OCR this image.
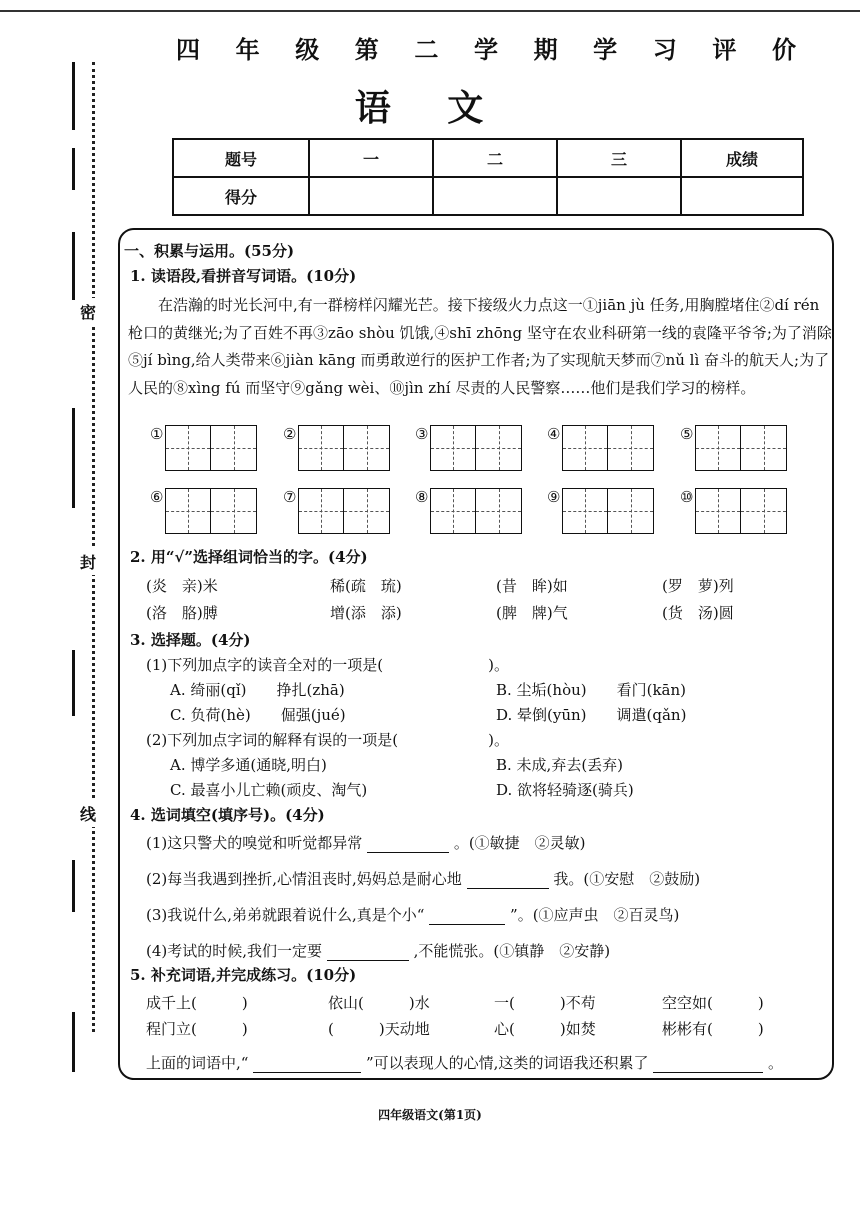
密
封
线
四 年 级 第 二 学 期 学 习 评 价
语 文
题号	一	二	三	成绩
得分				
一、积累与运用。(55分)
1. 读语段,看拼音写词语。(10分)
在浩瀚的时光长河中,有一群榜样闪耀光芒。接下接级火力点这一①jiān jù 任务,用胸膛堵住②dí rén 枪口的黄继光;为了百姓不再③zāo shòu 饥饿,④shī zhōng 坚守在农业科研第一线的袁隆平爷爷;为了消除⑤jí bìng,给人类带来⑥jiàn kāng 而勇敢逆行的医护工作者;为了实现航天梦而⑦nǔ lì 奋斗的航天人;为了人民的⑧xìng fú 而坚守⑨gǎng wèi、⑩jìn zhí 尽责的人民警察……他们是我们学习的榜样。
①	②	③	④	⑤
⑥	⑦	⑧	⑨	⑩
2. 用“√”选择组词恰当的字。(4分)
(炎　亲)米	稀(疏　琉)	(昔　眸)如	(罗　萝)列
(洛　胳)膊	增(添　添)	(脾　牌)气	(货　汤)圆
3. 选择题。(4分)
(1)下列加点字的读音全对的一项是(　　　　　　　)。
A. 绮丽(qǐ)　　挣扎(zhā)	B. 尘垢(hòu)　　看门(kān)
C. 负荷(hè)　　倔强(jué)	D. 晕倒(yūn)　　调遣(qǎn)
(2)下列加点字词的解释有误的一项是(　　　　　　)。
A. 博学多通(通晓,明白)	B. 未成,弃去(丢弃)
C. 最喜小儿亡赖(顽皮、淘气)	D. 欲将轻骑逐(骑兵)
4. 选词填空(填序号)。(4分)
(1)这只警犬的嗅觉和听觉都异常	。(①敏捷　②灵敏)
(2)每当我遇到挫折,心情沮丧时,妈妈总是耐心地	我。(①安慰　②鼓励)
(3)我说什么,弟弟就跟着说什么,真是个小“	”。(①应声虫　②百灵鸟)
(4)考试的时候,我们一定要	,不能慌张。(①镇静　②安静)
5. 补充词语,并完成练习。(10分)
成千上(　　　)	依山(　　　)水	一(　　　)不苟	空空如(　　　)
程门立(　　　)	(　　　)天动地	心(　　　)如焚	彬彬有(　　　)
上面的词语中,“	”可以表现人的心情,这类的词语我还积累了	。
四年级语文(第1页)
